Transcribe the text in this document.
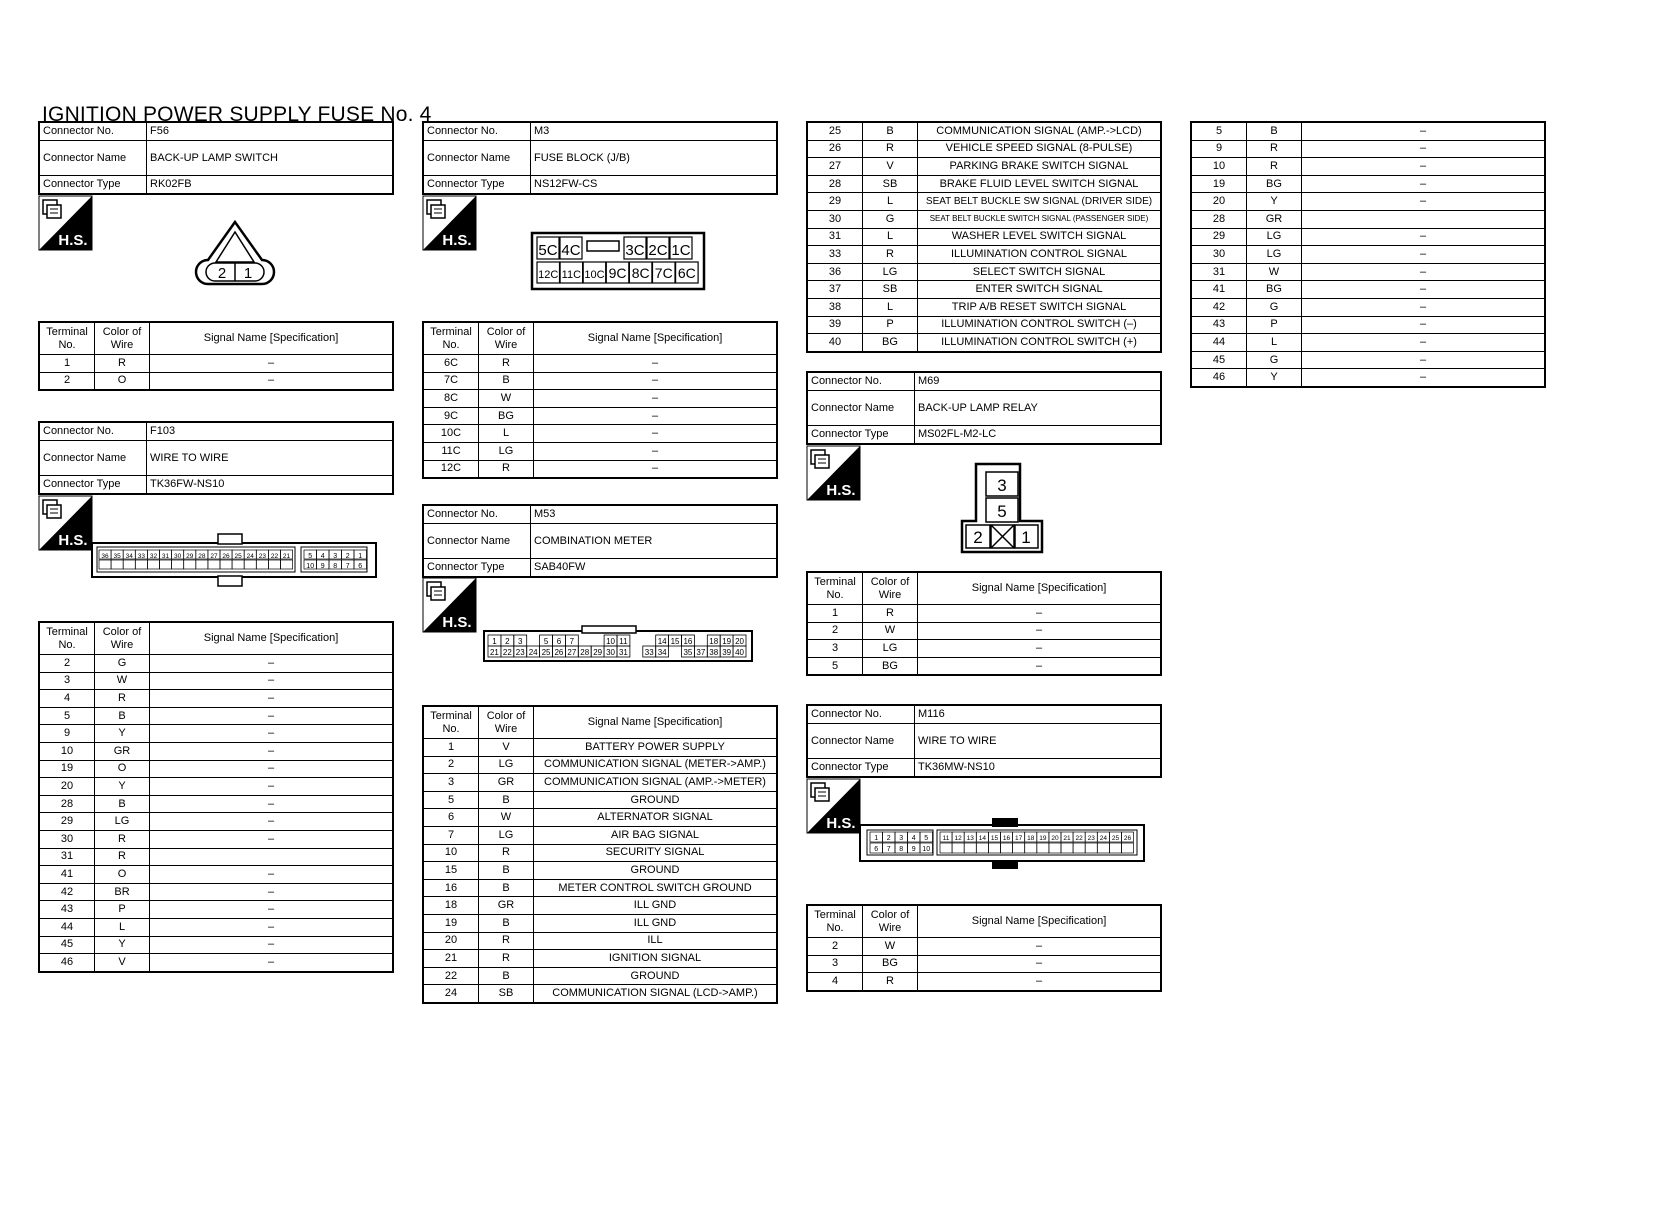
IGNITION POWER SUPPLY FUSE No. 4
Connector No.	F56
Connector Name	BACK-UP LAMP SWITCH
Connector Type	RK02FB
H.S.
2 1
Terminal No.	Color of Wire	Signal Name [Specification]
1	R	–
2	O	–
Connector No.	F103
Connector Name	WIRE TO WIRE
Connector Type	TK36FW-NS10
H.S.
36 35 34 33 32 31 30 29 28 27 26 25 24 23 22 21	5 4 3 2 1
10 9 8 7 6
Terminal No.	Color of Wire	Signal Name [Specification]
2	G	–
3	W	–
4	R	–
5	B	–
9	Y	–
10	GR	–
19	O	–
20	Y	–
28	B	–
29	LG	–
30	R	–
31	R	
41	O	–
42	BR	–
43	P	–
44	L	–
45	Y	–
46	V	–
Connector No.	M3
Connector Name	FUSE BLOCK (J/B)
Connector Type	NS12FW-CS
H.S.
5C 4C	3C 2C 1C
12C 11C 10C 9C 8C 7C 6C
Terminal No.	Color of Wire	Signal Name [Specification]
6C	R	–
7C	B	–
8C	W	–
9C	BG	–
10C	L	–
11C	LG	–
12C	R	–
Connector No.	M53
Connector Name	COMBINATION METER
Connector Type	SAB40FW
H.S.
1 2 3	5 6 7	10 11	14 15 16 18 19 20
21 22 23 24 25 26 27 28 29 30 31 33 34 35 37 38 39 40
Terminal No.	Color of Wire	Signal Name [Specification]
1	V	BATTERY POWER SUPPLY
2	LG	COMMUNICATION SIGNAL (METER->AMP.)
3	GR	COMMUNICATION SIGNAL (AMP.->METER)
5	B	GROUND
6	W	ALTERNATOR SIGNAL
7	LG	AIR BAG SIGNAL
10	R	SECURITY SIGNAL
15	B	GROUND
16	B	METER CONTROL SWITCH GROUND
18	GR	ILL GND
19	B	ILL GND
20	R	ILL
21	R	IGNITION SIGNAL
22	B	GROUND
24	SB	COMMUNICATION SIGNAL (LCD->AMP.)
25	B	COMMUNICATION SIGNAL (AMP.->LCD)
26	R	VEHICLE SPEED SIGNAL (8-PULSE)
27	V	PARKING BRAKE SWITCH SIGNAL
28	SB	BRAKE FLUID LEVEL SWITCH SIGNAL
29	L	SEAT BELT BUCKLE SW SIGNAL (DRIVER SIDE)
30	G	SEAT BELT BUCKLE SWITCH SIGNAL (PASSENGER SIDE)
31	L	WASHER LEVEL SWITCH SIGNAL
33	R	ILLUMINATION CONTROL SIGNAL
36	LG	SELECT SWITCH SIGNAL
37	SB	ENTER SWITCH SIGNAL
38	L	TRIP A/B RESET SWITCH SIGNAL
39	P	ILLUMINATION CONTROL SWITCH (–)
40	BG	ILLUMINATION CONTROL SWITCH (+)
Connector No.	M69
Connector Name	BACK-UP LAMP RELAY
Connector Type	MS02FL-M2-LC
H.S.	3
5
2 1
Terminal No.	Color of Wire	Signal Name [Specification]
1	R	–
2	W	–
3	LG	–
5	BG	–
Connector No.	M116
Connector Name	WIRE TO WIRE
Connector Type	TK36MW-NS10
H.S.
1 2 3 4 5
6 7 8 9 10
11 12 13 14 15 16 17 18 19 20 21 22 23 24 25 26
Terminal No.	Color of Wire	Signal Name [Specification]
2	W	–
3	BG	–
4	R	–
5	B	–
9	R	–
10	R	–
19	BG	–
20	Y	–
28	GR	
29	LG	–
30	LG	–
31	W	–
41	BG	–
42	G	–
43	P	–
44	L	–
45	G	–
46	Y	–
